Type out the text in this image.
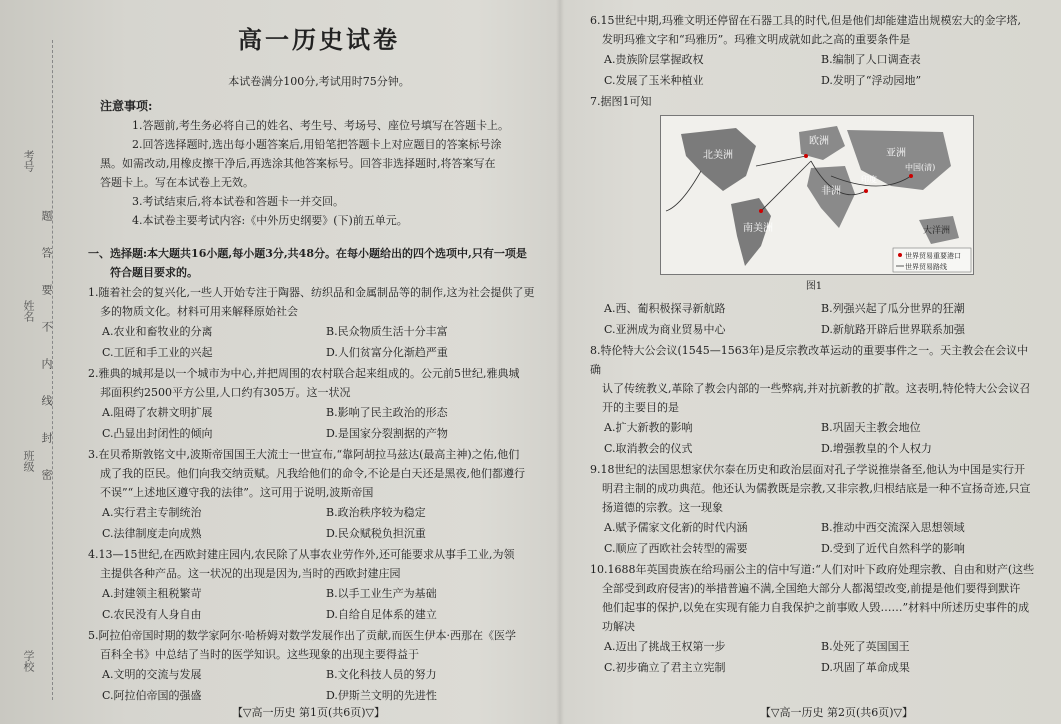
考号
姓名
班级
学校
题答要不内线封密
高一历史试卷
本试卷满分100分,考试用时75分钟。
注意事项:

1.答题前,考生务必将自己的姓名、考生号、考场号、座位号填写在答题卡上。

2.回答选择题时,选出每小题答案后,用铅笔把答题卡上对应题目的答案标号涂

黑。如需改动,用橡皮擦干净后,再选涂其他答案标号。回答非选择题时,将答案写在

答题卡上。写在本试卷上无效。

3.考试结束后,将本试卷和答题卡一并交回。

4.本试卷主要考试内容:《中外历史纲要》(下)前五单元。

一、选择题:本大题共16小题,每小题3分,共48分。在每小题给出的四个选项中,只有一项是

符合题目要求的。

1.随着社会的复兴化,一些人开始专注于陶器、纺织品和金属制品等的制作,这为社会提供了更

多的物质文化。材料可用来解释原始社会

A.农业和畜牧业的分离	B.民众物质生活十分丰富
C.工匠和手工业的兴起	D.人们贫富分化渐趋严重

2.雅典的城邦是以一个城市为中心,并把周围的农村联合起来组成的。公元前5世纪,雅典城

邦面积约2500平方公里,人口约有305万。这一状况

A.阻碍了农耕文明扩展	B.影响了民主政治的形态
C.凸显出封闭性的倾向	D.是国家分裂割据的产物

3.在贝希斯敦铭文中,波斯帝国国王大流士一世宣布,“靠阿胡拉马兹达(最高主神)之佑,他们

成了我的臣民。他们向我交纳贡赋。凡我给他们的命令,不论是白天还是黑夜,他们都遵行

不误”“上述地区遵守我的法律”。这可用于说明,波斯帝国

A.实行君主专制统治	B.政治秩序较为稳定
C.法律制度走向成熟	D.民众赋税负担沉重

4.13—15世纪,在西欧封建庄园内,农民除了从事农业劳作外,还可能要求从事手工业,为领

主提供各种产品。这一状况的出现是因为,当时的西欧封建庄园

A.封建领主租税繁苛	B.以手工业生产为基础
C.农民没有人身自由	D.自给自足体系的建立

5.阿拉伯帝国时期的数学家阿尔·哈桥姆对数学发展作出了贡献,而医生伊本·西那在《医学

百科全书》中总结了当时的医学知识。这些现象的出现主要得益于

A.文明的交流与发展	B.文化科技人员的努力
C.阿拉伯帝国的强盛	D.伊斯兰文明的先进性
【▽高一历史 第1页(共6页)▽】

6.15世纪中期,玛雅文明还停留在石器工具的时代,但是他们却能建造出规模宏大的金字塔,

发明玛雅文字和“玛雅历”。玛雅文明成就如此之高的重要条件是

A.贵族阶层掌握政权	B.编制了人口调查表
C.发展了玉米种植业	D.发明了“浮动园地”

7.据图1可知

北美洲
南美洲
欧洲
亚洲
非洲
中国(清)
大洋洲
印度
世界贸易重要港口
世界贸易路线
图1
A.西、葡积极探寻新航路	B.列强兴起了瓜分世界的狂潮
C.亚洲成为商业贸易中心	D.新航路开辟后世界联系加强

8.特伦特大公会议(1545—1563年)是反宗教改革运动的重要事件之一。天主教会在会议中确

认了传统教义,革除了教会内部的一些弊病,并对抗新教的扩散。这表明,特伦特大公会议召

开的主要目的是

A.扩大新教的影响	B.巩固天主教会地位
C.取消教会的仪式	D.增强教皇的个人权力

9.18世纪的法国思想家伏尔泰在历史和政治层面对孔子学说推崇备至,他认为中国是实行开

明君主制的成功典范。他还认为儒教既是宗教,又非宗教,归根结底是一种不宣扬奇迹,只宣

扬道德的宗教。这一现象

A.赋予儒家文化新的时代内涵	B.推动中西交流深入思想领域
C.顺应了西欧社会转型的需要	D.受到了近代自然科学的影响

10.1688年英国贵族在给玛丽公主的信中写道:“人们对叶下政府处理宗教、自由和财产(这些

全部受到政府侵害)的举措普遍不满,全国绝大部分人都渴望改变,前提是他们要得到默许

他们起事的保护,以免在实现有能力自我保护之前事败人毁……”材料中所述历史事件的成

功解决

A.迈出了挑战王权第一步	B.处死了英国国王
C.初步确立了君主立宪制	D.巩固了革命成果
【▽高一历史 第2页(共6页)▽】
